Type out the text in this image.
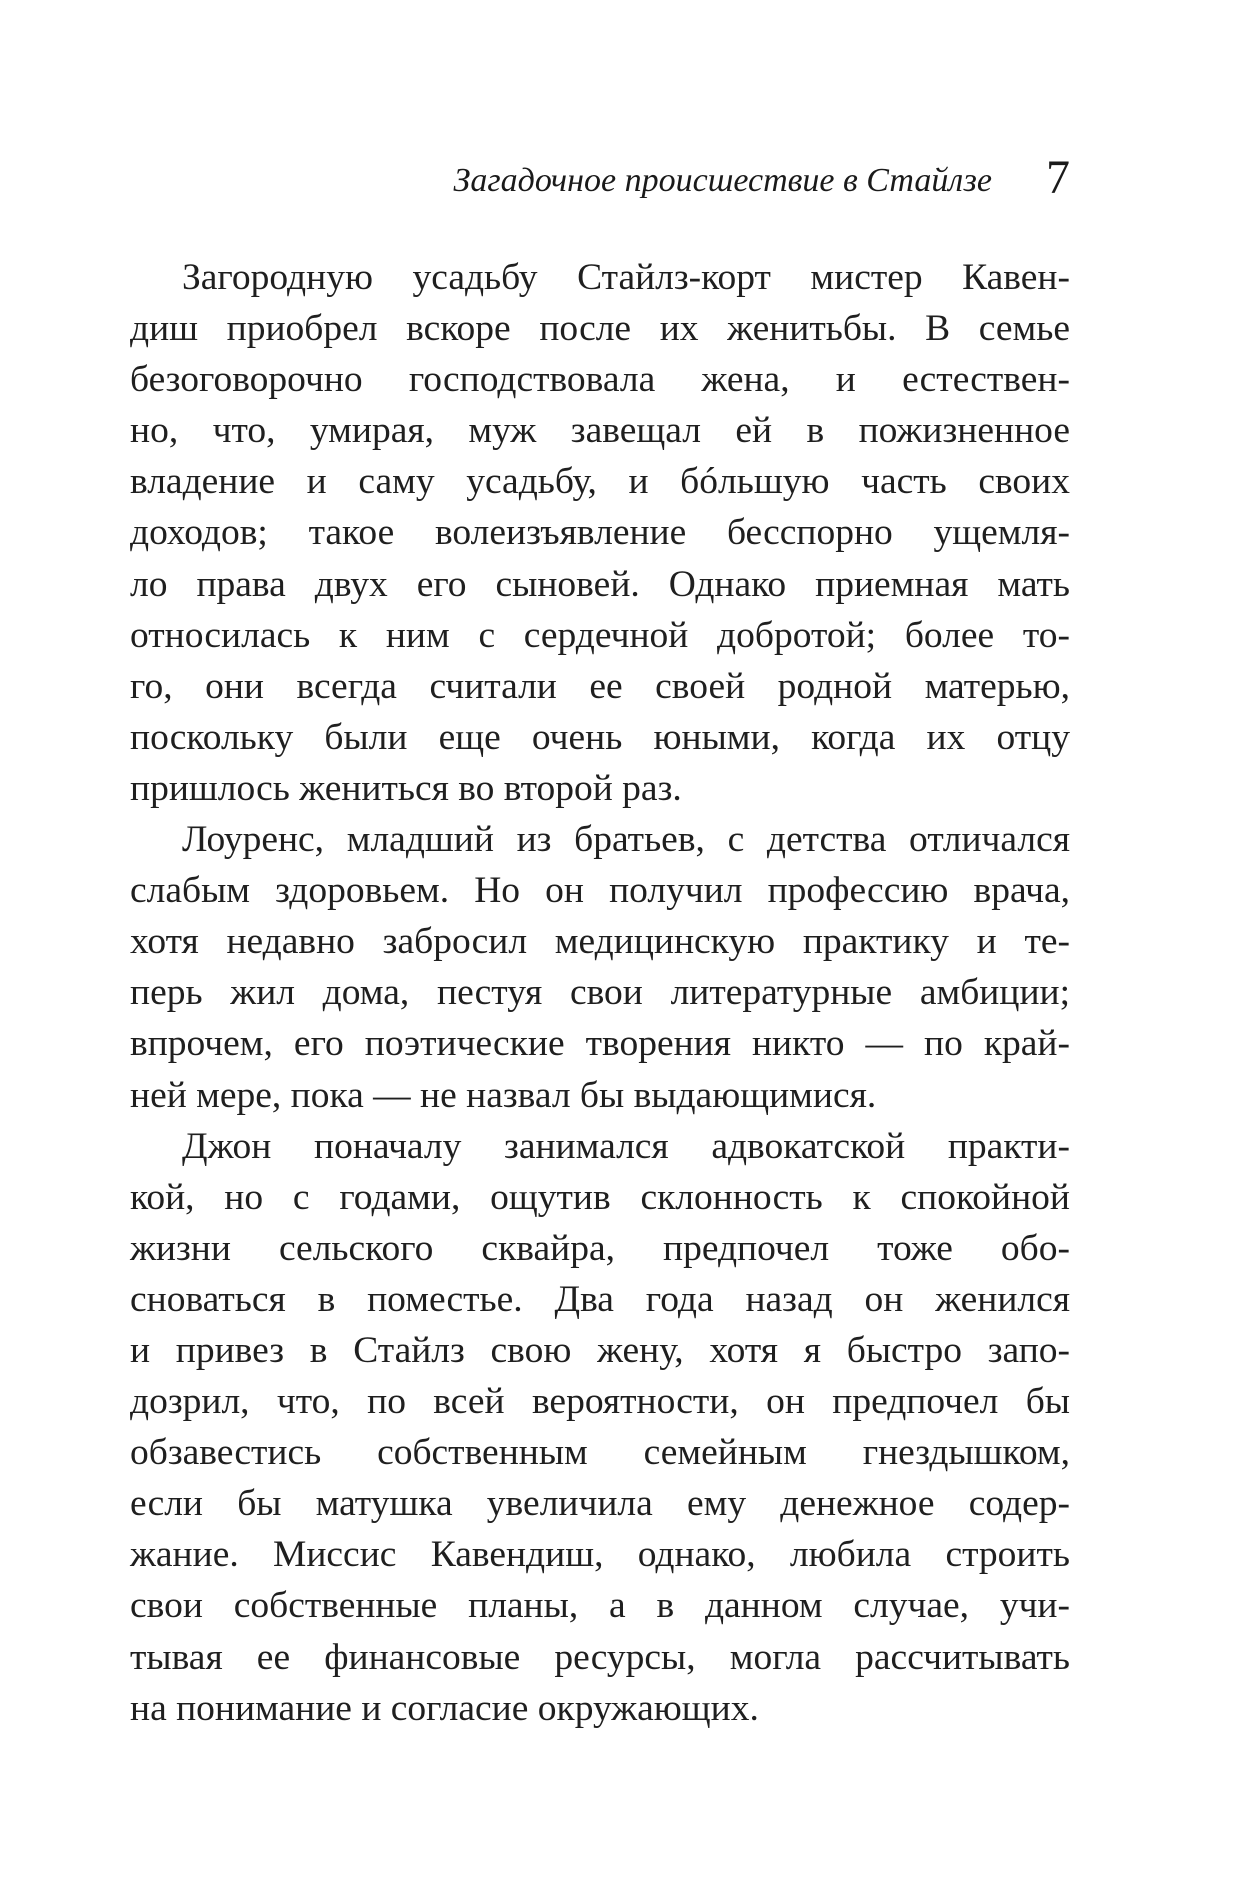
Загадочное происшествие в Стайлзе 7
Загородную усадьбу Стайлз-корт мистер Кавен-
диш приобрел вскоре после их женитьбы. В семье
безоговорочно господствовала жена, и естествен-
но, что, умирая, муж завещал ей в пожизненное
владение и саму усадьбу, и бóльшую часть своих
доходов; такое волеизъявление бесспорно ущемля-
ло права двух его сыновей. Однако приемная мать
относилась к ним с сердечной добротой; более то-
го, они всегда считали ее своей родной матерью,
поскольку были еще очень юными, когда их отцу
пришлось жениться во второй раз.
Лоуренс, младший из братьев, с детства отличался
слабым здоровьем. Но он получил профессию врача,
хотя недавно забросил медицинскую практику и те-
перь жил дома, пестуя свои литературные амбиции;
впрочем, его поэтические творения никто — по край-
ней мере, пока — не назвал бы выдающимися.
Джон поначалу занимался адвокатской практи-
кой, но с годами, ощутив склонность к спокойной
жизни сельского сквайра, предпочел тоже обо-
сноваться в поместье. Два года назад он женился
и привез в Стайлз свою жену, хотя я быстро запо-
дозрил, что, по всей вероятности, он предпочел бы
обзавестись собственным семейным гнездышком,
если бы матушка увеличила ему денежное содер-
жание. Миссис Кавендиш, однако, любила строить
свои собственные планы, а в данном случае, учи-
тывая ее финансовые ресурсы, могла рассчитывать
на понимание и согласие окружающих.
